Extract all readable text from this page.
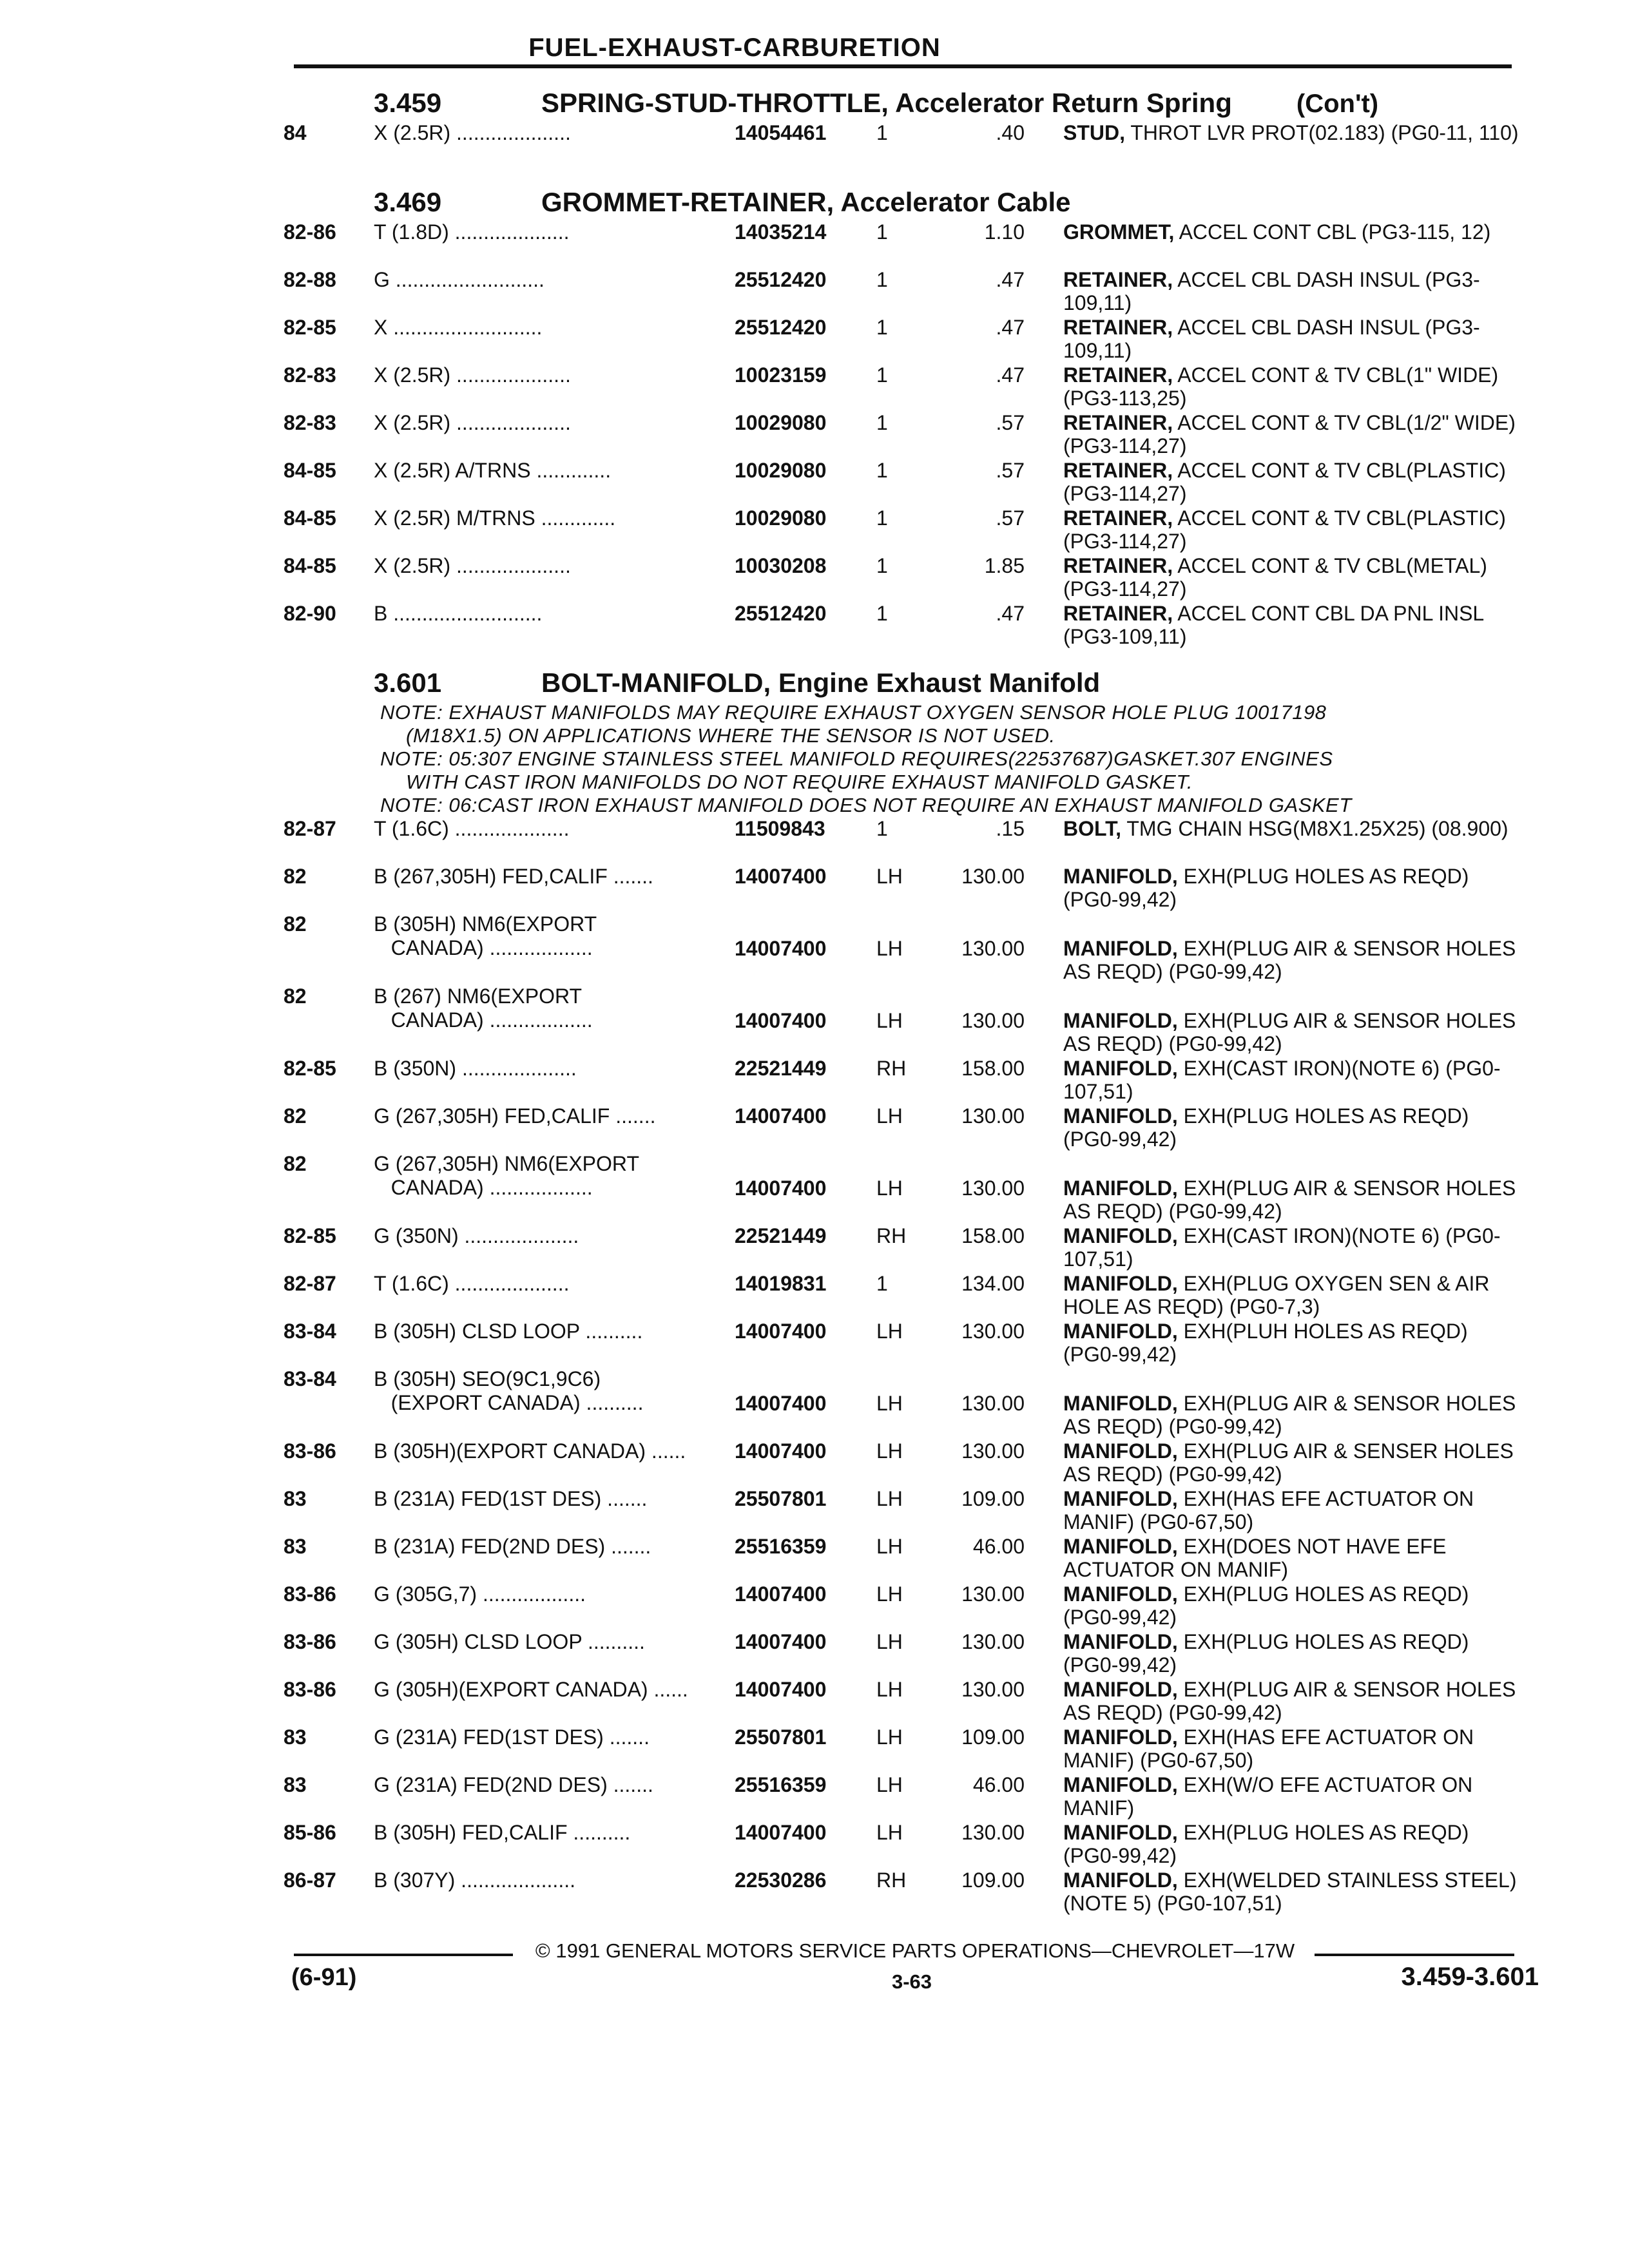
FUEL-EXHAUST-CARBURETION
3.459	SPRING-STUD-THROTTLE, Accelerator Return Spring	(Con't)
84	X (2.5R) ....................	14054461	1	.40 STUD, THROT LVR PROT(02.183) (PG0-11, 110)
3.469	GROMMET-RETAINER, Accelerator Cable
82-86	T (1.8D) ....................	14035214	1	1.10 GROMMET, ACCEL CONT CBL (PG3-115, 12)
82-88	G ..........................	25512420	1	.47 RETAINER, ACCEL CBL DASH INSUL (PG3-109,11)
82-85	X ..........................	25512420	1	.47 RETAINER, ACCEL CBL DASH INSUL (PG3-109,11)
82-83	X (2.5R) ....................	10023159	1	.47 RETAINER, ACCEL CONT & TV CBL(1" WIDE) (PG3-113,25)
82-83	X (2.5R) ....................	10029080	1	.57 RETAINER, ACCEL CONT & TV CBL(1/2" WIDE) (PG3-114,27)
84-85	X (2.5R) A/TRNS .............	10029080	1	.57 RETAINER, ACCEL CONT & TV CBL(PLASTIC) (PG3-114,27)
84-85	X (2.5R) M/TRNS .............	10029080	1	.57 RETAINER, ACCEL CONT & TV CBL(PLASTIC) (PG3-114,27)
84-85	X (2.5R) ....................	10030208	1	1.85 RETAINER, ACCEL CONT & TV CBL(METAL) (PG3-114,27)
82-90	B ..........................	25512420	1	.47 RETAINER, ACCEL CONT CBL DA PNL INSL (PG3-109,11)
3.601	BOLT-MANIFOLD, Engine Exhaust Manifold
NOTE: EXHAUST MANIFOLDS MAY REQUIRE EXHAUST OXYGEN SENSOR HOLE PLUG 10017198
(M18X1.5) ON APPLICATIONS WHERE THE SENSOR IS NOT USED.
NOTE: 05:307 ENGINE STAINLESS STEEL MANIFOLD REQUIRES(22537687)GASKET.307 ENGINES
WITH CAST IRON MANIFOLDS DO NOT REQUIRE EXHAUST MANIFOLD GASKET.
NOTE: 06:CAST IRON EXHAUST MANIFOLD DOES NOT REQUIRE AN EXHAUST MANIFOLD GASKET
82-87	T (1.6C) ....................	11509843	1	.15 BOLT, TMG CHAIN HSG(M8X1.25X25) (08.900)
82	B (267,305H) FED,CALIF .......	14007400	LH	130.00 MANIFOLD, EXH(PLUG HOLES AS REQD) (PG0-99,42)
82	B (305H) NM6(EXPORT
CANADA) ..................	14007400	LH	130.00 MANIFOLD, EXH(PLUG AIR & SENSOR HOLES AS REQD) (PG0-99,42)
82	B (267) NM6(EXPORT
CANADA) ..................	14007400	LH	130.00 MANIFOLD, EXH(PLUG AIR & SENSOR HOLES AS REQD) (PG0-99,42)
82-85	B (350N) ....................	22521449	RH	158.00 MANIFOLD, EXH(CAST IRON)(NOTE 6) (PG0-107,51)
82	G (267,305H) FED,CALIF .......	14007400	LH	130.00 MANIFOLD, EXH(PLUG HOLES AS REQD) (PG0-99,42)
82	G (267,305H) NM6(EXPORT
CANADA) ..................	14007400	LH	130.00 MANIFOLD, EXH(PLUG AIR & SENSOR HOLES AS REQD) (PG0-99,42)
82-85	G (350N) ....................	22521449	RH	158.00 MANIFOLD, EXH(CAST IRON)(NOTE 6) (PG0-107,51)
82-87	T (1.6C) ....................	14019831	1	134.00 MANIFOLD, EXH(PLUG OXYGEN SEN & AIR HOLE AS REQD) (PG0-7,3)
83-84	B (305H) CLSD LOOP ..........	14007400	LH	130.00 MANIFOLD, EXH(PLUH HOLES AS REQD) (PG0-99,42)
83-84	B (305H) SEO(9C1,9C6)
(EXPORT CANADA) ..........	14007400	LH	130.00 MANIFOLD, EXH(PLUG AIR & SENSOR HOLES AS REQD) (PG0-99,42)
83-86	B (305H)(EXPORT CANADA) ......	14007400	LH	130.00 MANIFOLD, EXH(PLUG AIR & SENSER HOLES AS REQD) (PG0-99,42)
83	B (231A) FED(1ST DES) .......	25507801	LH	109.00 MANIFOLD, EXH(HAS EFE ACTUATOR ON MANIF) (PG0-67,50)
83	B (231A) FED(2ND DES) .......	25516359	LH	46.00 MANIFOLD, EXH(DOES NOT HAVE EFE ACTUATOR ON MANIF)
83-86	G (305G,7) ..................	14007400	LH	130.00 MANIFOLD, EXH(PLUG HOLES AS REQD) (PG0-99,42)
83-86	G (305H) CLSD LOOP ..........	14007400	LH	130.00 MANIFOLD, EXH(PLUG HOLES AS REQD) (PG0-99,42)
83-86	G (305H)(EXPORT CANADA) ......	14007400	LH	130.00 MANIFOLD, EXH(PLUG AIR & SENSOR HOLES AS REQD) (PG0-99,42)
83	G (231A) FED(1ST DES) .......	25507801	LH	109.00 MANIFOLD, EXH(HAS EFE ACTUATOR ON MANIF) (PG0-67,50)
83	G (231A) FED(2ND DES) .......	25516359	LH	46.00 MANIFOLD, EXH(W/O EFE ACTUATOR ON MANIF)
85-86	B (305H) FED,CALIF ..........	14007400	LH	130.00 MANIFOLD, EXH(PLUG HOLES AS REQD) (PG0-99,42)
86-87	B (307Y) ....................	22530286	RH	109.00 MANIFOLD, EXH(WELDED STAINLESS STEEL)(NOTE 5) (PG0-107,51)
© 1991 GENERAL MOTORS SERVICE PARTS OPERATIONS—CHEVROLET—17W
(6-91)	3-63	3.459-3.601
